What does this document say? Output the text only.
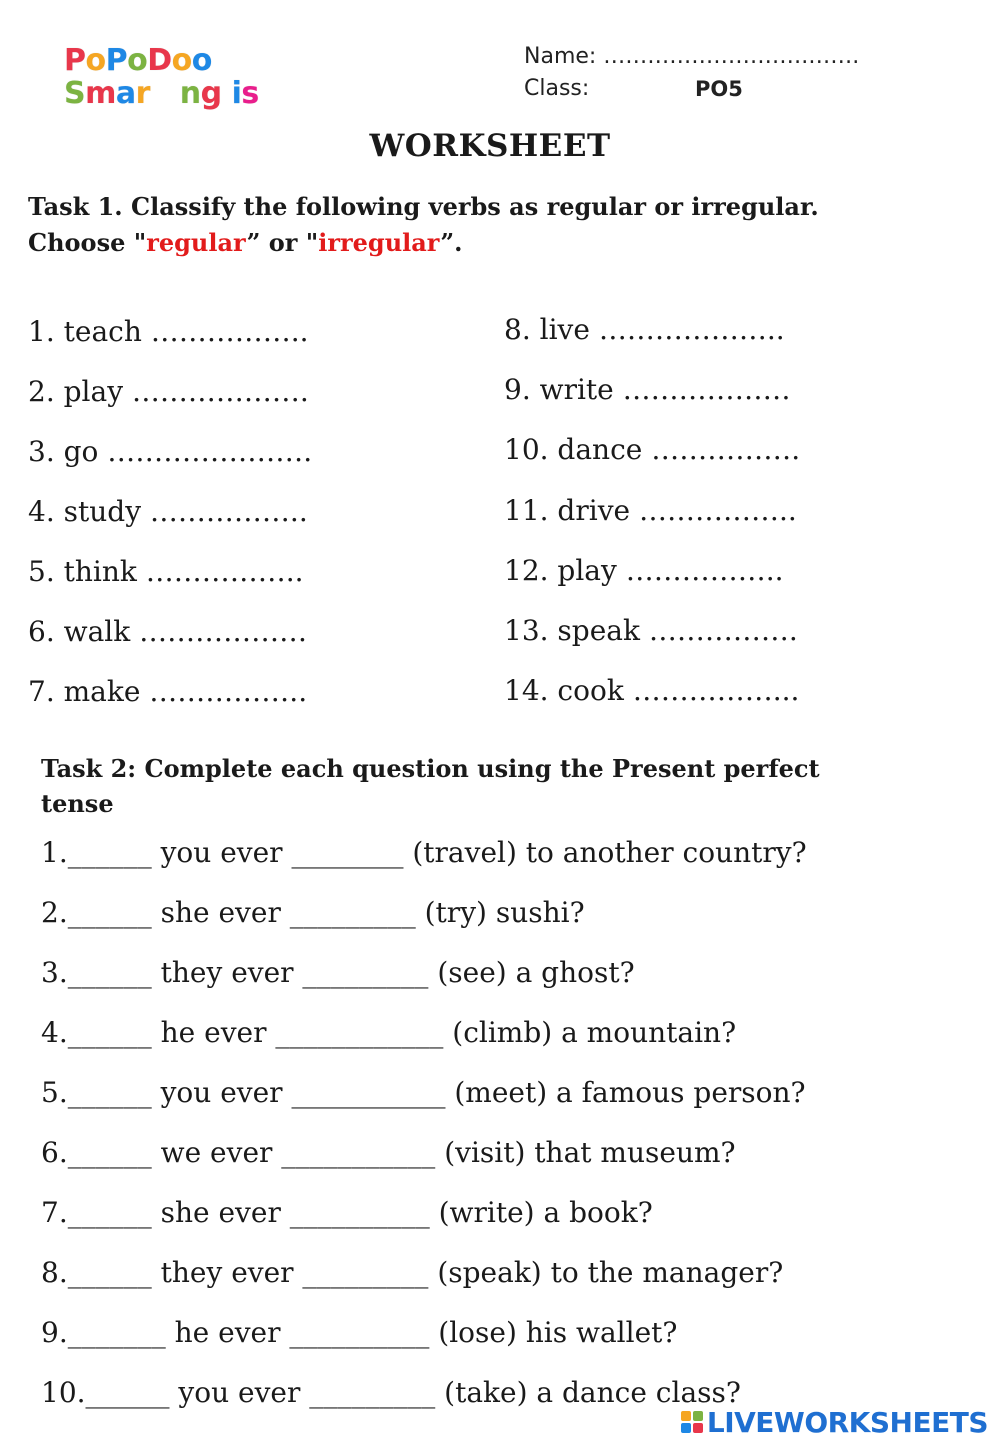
PoPoDoo
Smar ng is
Name: ……………………….…….
Class:	PO5
WORKSHEET
Task 1. Classify the following verbs as regular or irregular.
Choose "regular” or "irregular”.
1. teach ……………..
2. play ……………….
3. go ………………….
4. study ……………..
5. think ……………..
6. walk ………………
7. make ……………..
8. live ………………..
9. write ………………
10. dance …………….
11. drive ……………..
12. play ……………..
13. speak …………….
14. cook ……………...
Task 2: Complete each question using the Present perfect
tense
1.______ you ever ________ (travel) to another country?
2.______ she ever _________ (try) sushi?
3.______ they ever _________ (see) a ghost?
4.______ he ever ____________ (climb) a mountain?
5.______ you ever ___________ (meet) a famous person?
6.______ we ever ___________ (visit) that museum?
7.______ she ever __________ (write) a book?
8.______ they ever _________ (speak) to the manager?
9._______ he ever __________ (lose) his wallet?
10.______ you ever _________ (take) a dance class?
LIVEWORKSHEETS
